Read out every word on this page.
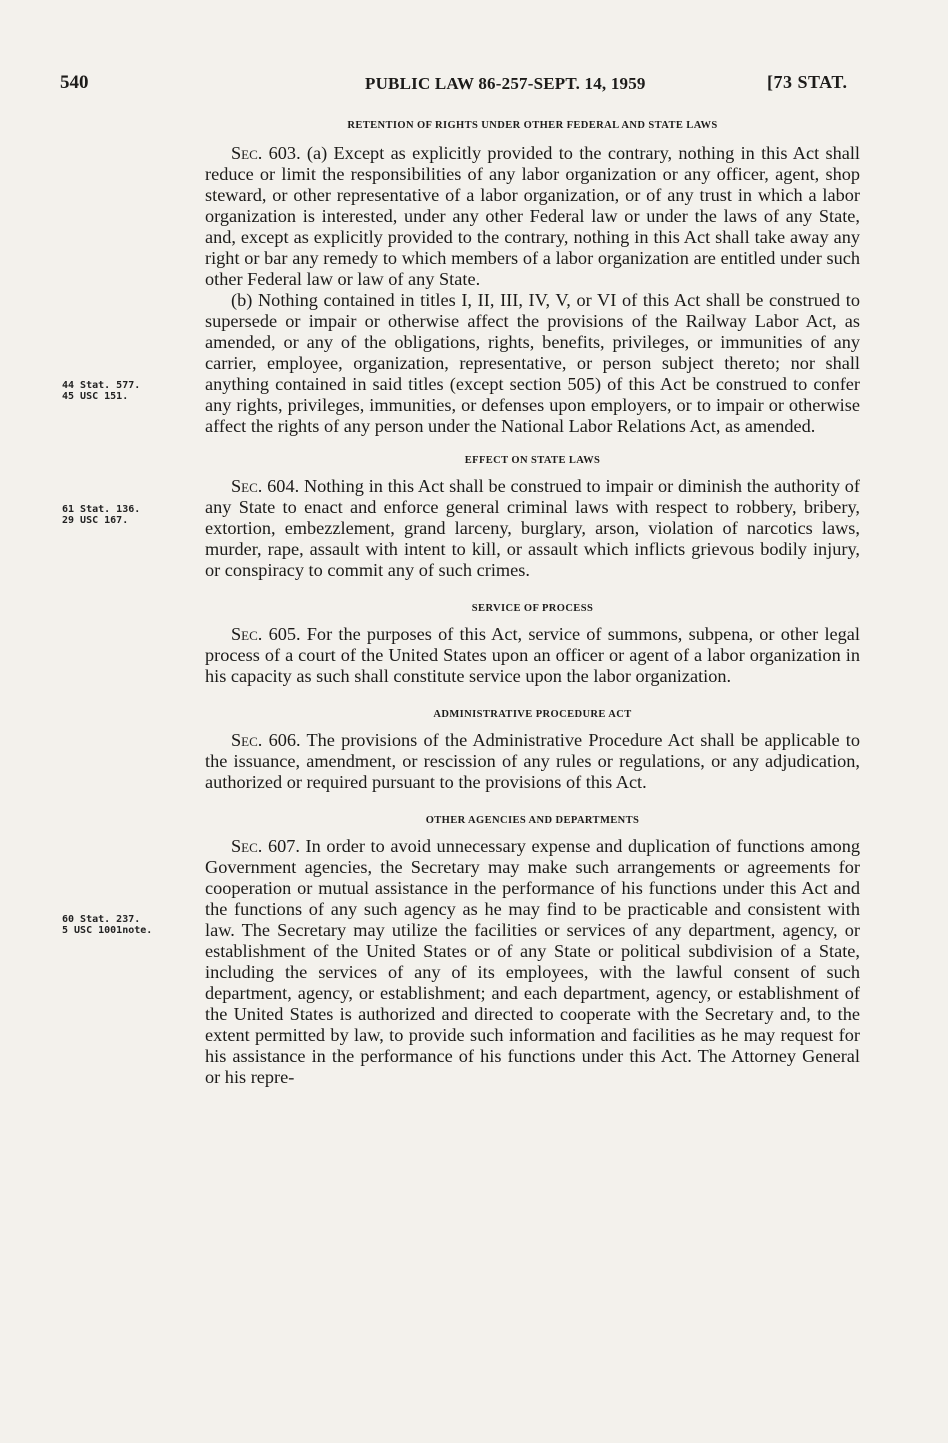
540	PUBLIC LAW 86-257-SEPT. 14, 1959	[73 STAT.
44 Stat. 577.
45 USC 151.
61 Stat. 136.
29 USC 167.
60 Stat. 237.
5 USC 1001note.
RETENTION OF RIGHTS UNDER OTHER FEDERAL AND STATE LAWS

Sec. 603. (a) Except as explicitly provided to the contrary, nothing in this Act shall reduce or limit the responsibilities of any labor organization or any officer, agent, shop steward, or other representative of a labor organization, or of any trust in which a labor organization is interested, under any other Federal law or under the laws of any State, and, except as explicitly provided to the contrary, nothing in this Act shall take away any right or bar any remedy to which members of a labor organization are entitled under such other Federal law or law of any State.

(b) Nothing contained in titles I, II, III, IV, V, or VI of this Act shall be construed to supersede or impair or otherwise affect the provisions of the Railway Labor Act, as amended, or any of the obligations, rights, benefits, privileges, or immunities of any carrier, employee, organization, representative, or person subject thereto; nor shall anything contained in said titles (except section 505) of this Act be construed to confer any rights, privileges, immunities, or defenses upon employers, or to impair or otherwise affect the rights of any person under the National Labor Relations Act, as amended.

EFFECT ON STATE LAWS

Sec. 604. Nothing in this Act shall be construed to impair or diminish the authority of any State to enact and enforce general criminal laws with respect to robbery, bribery, extortion, embezzlement, grand larceny, burglary, arson, violation of narcotics laws, murder, rape, assault with intent to kill, or assault which inflicts grievous bodily injury, or conspiracy to commit any of such crimes.

SERVICE OF PROCESS

Sec. 605. For the purposes of this Act, service of summons, subpena, or other legal process of a court of the United States upon an officer or agent of a labor organization in his capacity as such shall constitute service upon the labor organization.

ADMINISTRATIVE PROCEDURE ACT

Sec. 606. The provisions of the Administrative Procedure Act shall be applicable to the issuance, amendment, or rescission of any rules or regulations, or any adjudication, authorized or required pursuant to the provisions of this Act.

OTHER AGENCIES AND DEPARTMENTS

Sec. 607. In order to avoid unnecessary expense and duplication of functions among Government agencies, the Secretary may make such arrangements or agreements for cooperation or mutual assistance in the performance of his functions under this Act and the functions of any such agency as he may find to be practicable and consistent with law. The Secretary may utilize the facilities or services of any department, agency, or establishment of the United States or of any State or political subdivision of a State, including the services of any of its employees, with the lawful consent of such department, agency, or establishment; and each department, agency, or establishment of the United States is authorized and directed to cooperate with the Secretary and, to the extent permitted by law, to provide such information and facilities as he may request for his assistance in the performance of his functions under this Act. The Attorney General or his repre-
